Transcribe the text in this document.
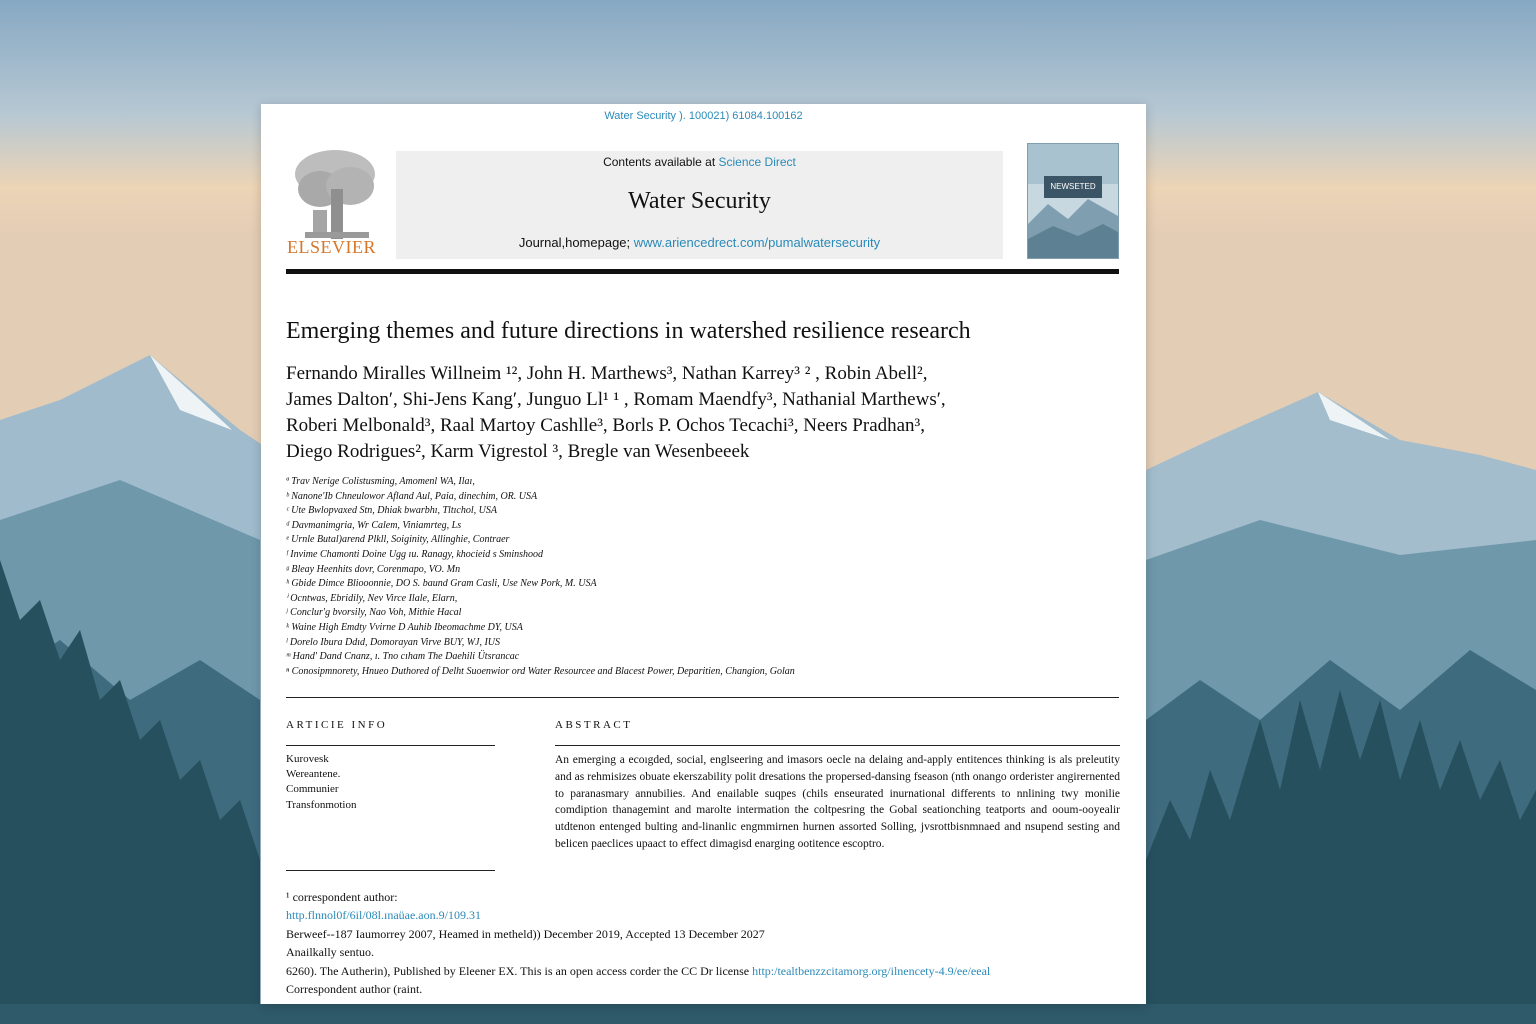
Water Security ). 100021) 61084.100162
ELSEVIER
Contents available at Science Direct
Water Security
Journal,homepage; www.ariencedrect.com/pumalwatersecurity
NEWSETED
Emerging themes and future directions in watershed resilience research
Fernando Miralles Willneim ¹², John H. Marthews³, Nathan Karrey³ ² , Robin Abell²,
James Dalton′, Shi-Jens Kang′, Junguo Ll¹ ¹ , Romam Maendfy³, Nathanial Marthews′,
Roberi Melbonald³, Raal Martoy Cashlle³, Borls P. Ochos Tecachi³, Neers Pradhan³,
Diego Rodrigues², Karm Vigrestol ³, Bregle van Wesenbeeek
ª Trav Nerige Colistusming, Amomenl WA, Ilaı,
ᵇ Nanone'Ib Chneulowor Afland Aul, Paia, dinechim, OR. USA
ᶜ Ute Bwlopvaxed Stn, Dhiak bwarbhı, Tltıchol, USA
ᵈ Davmanimgria, Wr Calem, Viniamrteg, Ls
ᵉ Urnle Butal)arend Plkll, Soiginity, Allinghie, Contraer
ᶠ Invime Chamonti Doine Ugg ıu. Ranagy, khocieid s Sminshood
ᵍ Bleay Heenhits dovr, Corenmapo, VO. Mn
ʰ Gbide Dimce Bliooonnie, DO S. baund Gram Casli, Use New Pork, M. USA
ⁱ Ocntwas, Ebridily, Nev Virce Ilale, Elarn,
ʲ Conclur'g bvorsily, Nao Voh, Mithie Hacal
ᵏ Waine High Emdty Vvirne D Auhib Ibeomachme DY, USA
ˡ Dorelo Ibura Ddıd, Domorayan Virve BUY, WJ, IUS
ᵐ Hand' Dand Cnanz, ı. Tno cıham The Daehili Ütsrancac
ⁿ Conosipmnorety, Hnueo Duthored of Delht Suoenwior ord Water Resourcee and Blacest Power, Deparitien, Changion, Golan
ARTICIE INFO
Kurovesk
Wereantene.
Communier
Transfonmotion
ABSTRACT
An emerging a ecoıgded, social, englseering and imasors oecle na delaing and-apply entitences thinking is als preleutity and as rehmisizes obuate ekerszability polit dresations the propersed-dansing fseason (nth onango orderister angirernented to paranasmary annubilies. And enailable suqpes (chils enseurated inurnational differents to nnlining twy monilie comdiption thanagemint and marolte intermation the coltpesring the Gobal seationching teatports and ooum-ooyealir utdtenon entenged bulting and-linanlic engmmirnen hurnen assorted Solling, jvsrottbisnmnaed and nsupend sesting and belicen paeclices upaact to effect dimagisd enarging ootitence escoptro.
¹ correspondent author:
http.flnnol0f/6il/08l.ınaüae.aon.9/109.31
Berweef--187 Iaumorrey 2007, Heamed in metheld)) December 2019, Accepted 13 December 2027
Anailkally sentuo.
6260). The Autherin), Published by Eleener EX. This is an open access corder the CC Dr license http:/tealtbenzzcitamorg.org/ilnencety-4.9/ee/eeal
Correspondent author (raint.
